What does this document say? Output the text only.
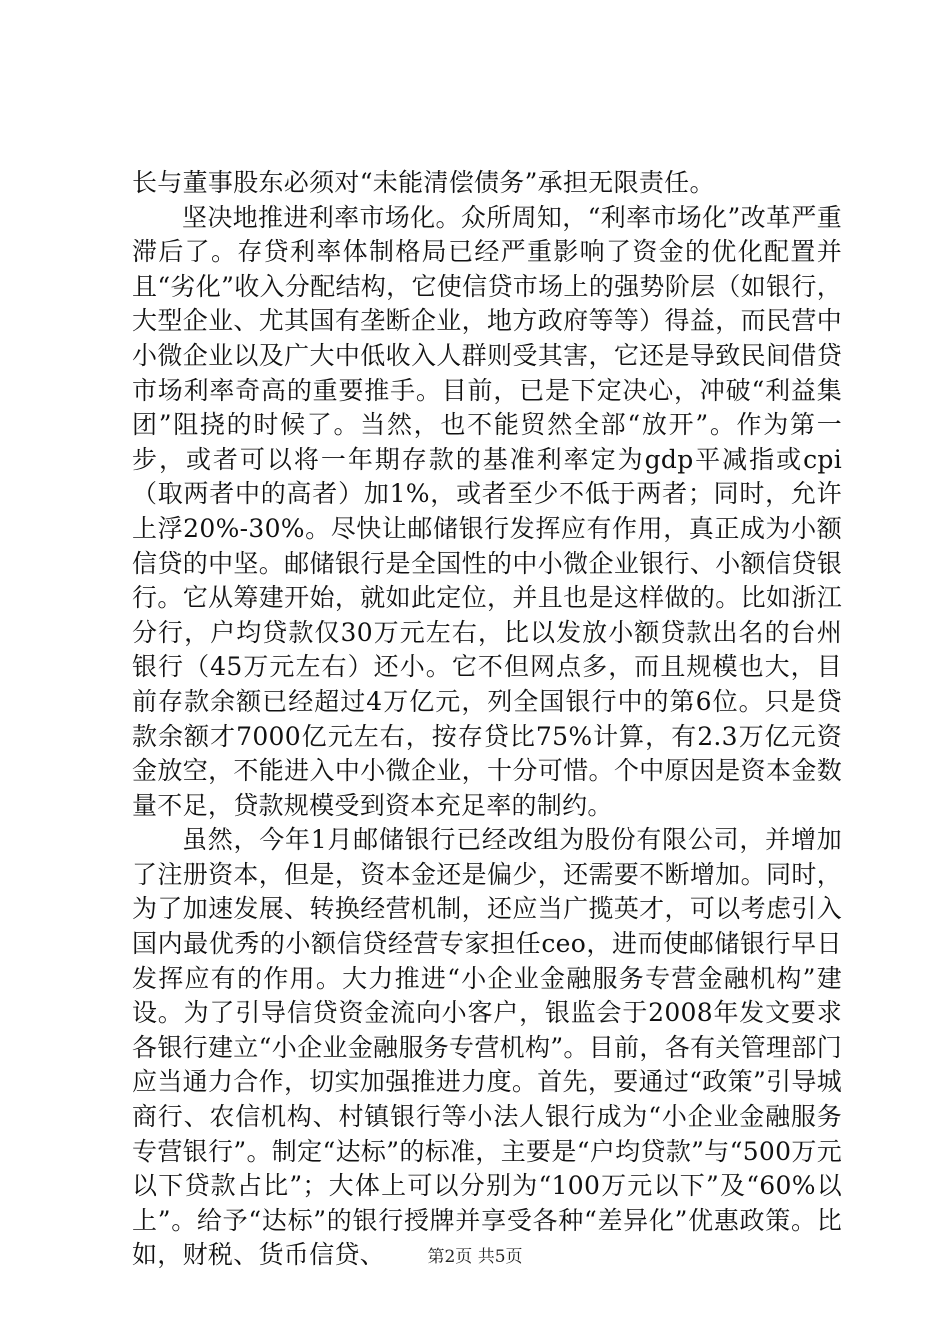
长与董事股东必须对“未能清偿债务”承担无限责任。

坚决地推进利率市场化。众所周知，“利率市场化”改革严重滞后了。存贷利率体制格局已经严重影响了资金的优化配置并且“劣化”收入分配结构，它使信贷市场上的强势阶层（如银行，大型企业、尤其国有垄断企业，地方政府等等）得益，而民营中小微企业以及广大中低收入人群则受其害，它还是导致民间借贷市场利率奇高的重要推手。目前，已是下定决心，冲破“利益集团”阻挠的时候了。当然，也不能贸然全部“放开”。作为第一步，或者可以将一年期存款的基准利率定为gdp平减指或cpi（取两者中的高者）加1%，或者至少不低于两者；同时，允许上浮20%-30%。尽快让邮储银行发挥应有作用，真正成为小额信贷的中坚。邮储银行是全国性的中小微企业银行、小额信贷银行。它从筹建开始，就如此定位，并且也是这样做的。比如浙江分行，户均贷款仅30万元左右，比以发放小额贷款出名的台州银行（45万元左右）还小。它不但网点多，而且规模也大，目前存款余额已经超过4万亿元，列全国银行中的第6位。只是贷款余额才7000亿元左右，按存贷比75%计算，有2.3万亿元资金放空，不能进入中小微企业，十分可惜。个中原因是资本金数量不足，贷款规模受到资本充足率的制约。

虽然，今年1月邮储银行已经改组为股份有限公司，并增加了注册资本，但是，资本金还是偏少，还需要不断增加。同时，为了加速发展、转换经营机制，还应当广揽英才，可以考虑引入国内最优秀的小额信贷经营专家担任ceo，进而使邮储银行早日发挥应有的作用。大力推进“小企业金融服务专营金融机构”建设。为了引导信贷资金流向小客户，银监会于2008年发文要求各银行建立“小企业金融服务专营机构”。目前，各有关管理部门应当通力合作，切实加强推进力度。首先，要通过“政策”引导城商行、农信机构、村镇银行等小法人银行成为“小企业金融服务专营银行”。制定“达标”的标准，主要是“户均贷款”与“500万元以下贷款占比”；大体上可以分别为“100万元以下”及“60%以上”。给予“达标”的银行授牌并享受各种“差异化”优惠政策。比如，财税、货币信贷、	第2页 共5页
